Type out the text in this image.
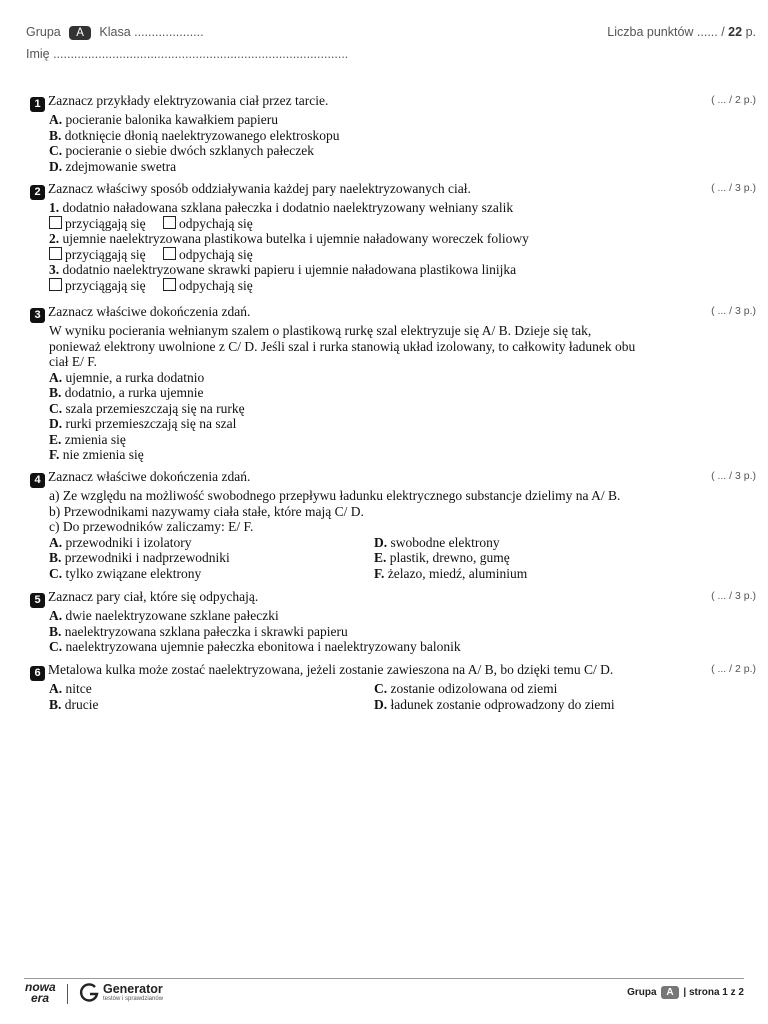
Grupa A Klasa ....................	Liczba punktów ...... / 22 p.
Imię .....................................................................................
1 Zaznacz przykłady elektryzowania ciał przez tarcie.	( ... / 2 p.)
A. pocieranie balonika kawałkiem papieru
B. dotknięcie dłonią naelektryzowanego elektroskopu
C. pocieranie o siebie dwóch szklanych pałeczek
D. zdejmowanie swetra
2 Zaznacz właściwy sposób oddziaływania każdej pary naelektryzowanych ciał.	( ... / 3 p.)
1. dodatnio naładowana szklana pałeczka i dodatnio naelektryzowany wełniany szalik
przyciągają się odpychają się
2. ujemnie naelektryzowana plastikowa butelka i ujemnie naładowany woreczek foliowy
przyciągają się odpychają się
3. dodatnio naelektryzowane skrawki papieru i ujemnie naładowana plastikowa linijka
przyciągają się odpychają się
3 Zaznacz właściwe dokończenia zdań.	( ... / 3 p.)
W wyniku pocierania wełnianym szalem o plastikową rurkę szal elektryzuje się A/ B. Dzieje się tak,
ponieważ elektrony uwolnione z C/ D. Jeśli szal i rurka stanowią układ izolowany, to całkowity ładunek obu
ciał E/ F.
A. ujemnie, a rurka dodatnio
B. dodatnio, a rurka ujemnie
C. szala przemieszczają się na rurkę
D. rurki przemieszczają się na szal
E. zmienia się
F. nie zmienia się
4 Zaznacz właściwe dokończenia zdań.	( ... / 3 p.)
a) Ze względu na możliwość swobodnego przepływu ładunku elektrycznego substancje dzielimy na A/ B.
b) Przewodnikami nazywamy ciała stałe, które mają C/ D.
c) Do przewodników zaliczamy: E/ F.
A. przewodniki i izolatory
B. przewodniki i nadprzewodniki
C. tylko związane elektrony
D. swobodne elektrony
E. plastik, drewno, gumę
F. żelazo, miedź, aluminium
5 Zaznacz pary ciał, które się odpychają.	( ... / 3 p.)
A. dwie naelektryzowane szklane pałeczki
B. naelektryzowana szklana pałeczka i skrawki papieru
C. naelektryzowana ujemnie pałeczka ebonitowa i naelektryzowany balonik
6 Metalowa kulka może zostać naelektryzowana, jeżeli zostanie zawieszona na A/ B, bo dzięki temu C/ D.	( ... / 2 p.)
A. nitce
B. drucie
C. zostanie odizolowana od ziemi
D. ładunek zostanie odprowadzony do ziemi
nowa
era
Generator
testów i sprawdzianów
Grupa A | strona 1 z 2
